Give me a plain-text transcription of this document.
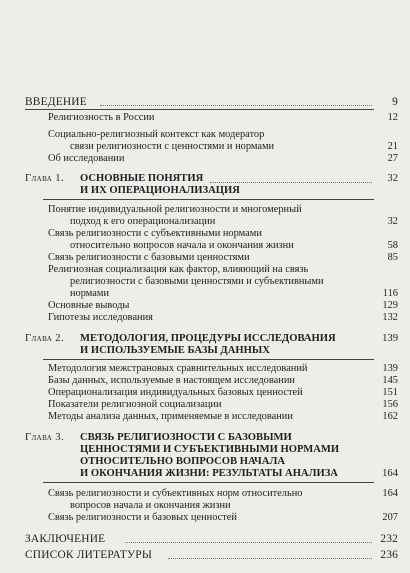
ВВЕДЕНИЕ	9
Религиозность в России	12
Социально-религиозный контекст как модератор
связи религиозности с ценностями и нормами	21
Об исследовании	27
Глава 1. ОСНОВНЫЕ ПОНЯТИЯ	32
И ИХ ОПЕРАЦИОНАЛИЗАЦИЯ
Понятие индивидуальной религиозности и многомерный
подход к его операционализации	32
Связь религиозности с субъективными нормами
относительно вопросов начала и окончания жизни	58
Связь религиозности с базовыми ценностями	85
Религиозная социализация как фактор, влияющий на связь
религиозности с базовыми ценностями и субъективными
нормами	116
Основные выводы	129
Гипотезы исследования	132
Глава 2. МЕТОДОЛОГИЯ, ПРОЦЕДУРЫ ИССЛЕДОВАНИЯ	139
И ИСПОЛЬЗУЕМЫЕ БАЗЫ ДАННЫХ
Методология межстрановых сравнительных исследований	139
Базы данных, используемые в настоящем исследовании	145
Операционализация индивидуальных базовых ценностей	151
Показатели религиозной социализации	156
Методы анализа данных, применяемые в исследовании	162
Глава 3. СВЯЗЬ РЕЛИГИОЗНОСТИ С БАЗОВЫМИ
ЦЕННОСТЯМИ И СУБЪЕКТИВНЫМИ НОРМАМИ
ОТНОСИТЕЛЬНО ВОПРОСОВ НАЧАЛА
И ОКОНЧАНИЯ ЖИЗНИ: РЕЗУЛЬТАТЫ АНАЛИЗА	164
Связь религиозности и субъективных норм относительно	164
вопросов начала и окончания жизни
Связь религиозности и базовых ценностей	207
ЗАКЛЮЧЕНИЕ	232
СПИСОК ЛИТЕРАТУРЫ	236
